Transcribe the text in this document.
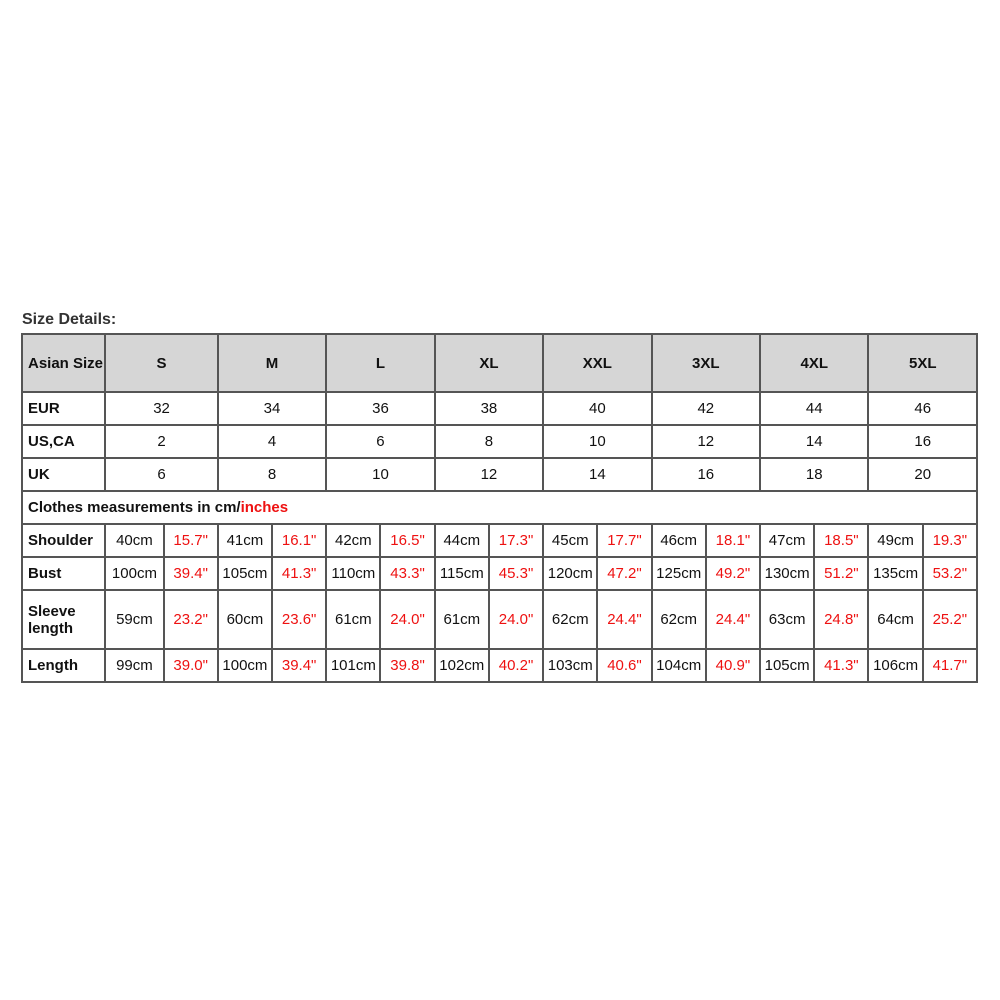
Size Details:
Asian Size	S		M		L		XL		XXL		3XL		4XL		5XL	
EUR	32		34		36		38		40		42		44		46	
US,CA	2		4		6		8		10		12		14		16	
UK	6		8		10		12		14		16		18		20	
Clothes measurements in cm/inches																
Shoulder	40cm	15.7"	41cm	16.1"	42cm	16.5"	44cm	17.3"	45cm	17.7"	46cm	18.1"	47cm	18.5"	49cm	19.3"
Bust	100cm	39.4"	105cm	41.3"	110cm	43.3"	115cm	45.3"	120cm	47.2"	125cm	49.2"	130cm	51.2"	135cm	53.2"
Sleeve length	59cm	23.2"	60cm	23.6"	61cm	24.0"	61cm	24.0"	62cm	24.4"	62cm	24.4"	63cm	24.8"	64cm	25.2"
Length	99cm	39.0"	100cm	39.4"	101cm	39.8"	102cm	40.2"	103cm	40.6"	104cm	40.9"	105cm	41.3"	106cm	41.7"
